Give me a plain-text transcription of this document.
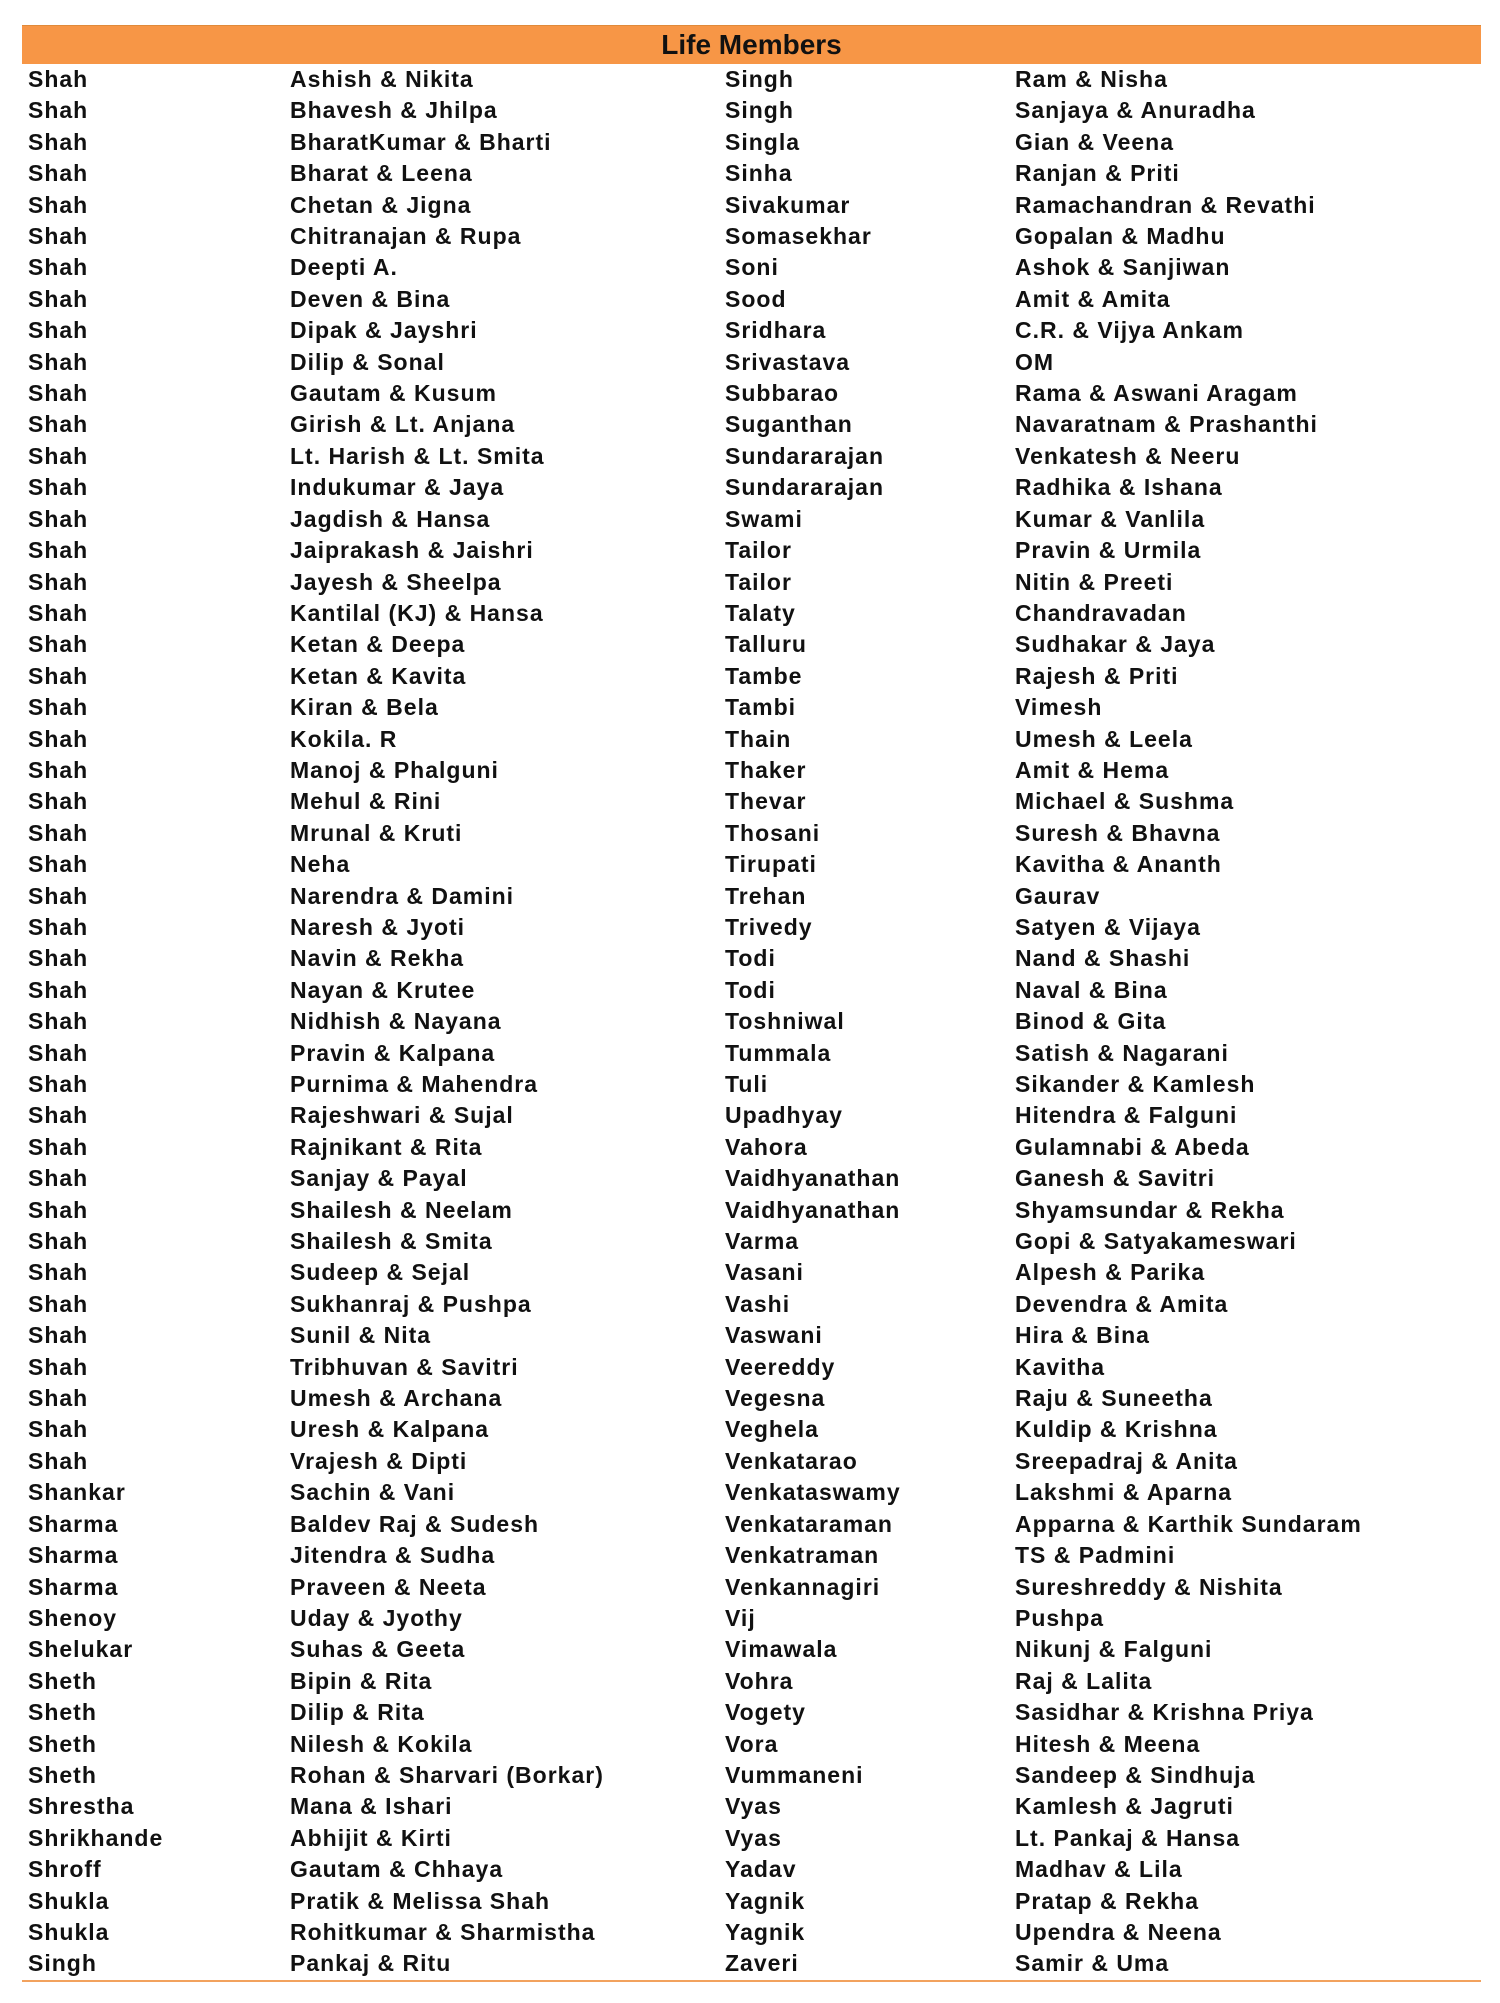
Life Members
Shah	Ashish & Nikita	Singh	Ram & Nisha
Shah	Bhavesh & Jhilpa	Singh	Sanjaya & Anuradha
Shah	BharatKumar & Bharti	Singla	Gian & Veena
Shah	Bharat & Leena	Sinha	Ranjan & Priti
Shah	Chetan & Jigna	Sivakumar	Ramachandran & Revathi
Shah	Chitranajan & Rupa	Somasekhar	Gopalan & Madhu
Shah	Deepti A.	Soni	Ashok & Sanjiwan
Shah	Deven & Bina	Sood	Amit & Amita
Shah	Dipak & Jayshri	Sridhara	C.R. & Vijya Ankam
Shah	Dilip & Sonal	Srivastava	OM
Shah	Gautam & Kusum	Subbarao	Rama & Aswani Aragam
Shah	Girish & Lt. Anjana	Suganthan	Navaratnam & Prashanthi
Shah	Lt. Harish & Lt. Smita	Sundararajan	Venkatesh & Neeru
Shah	Indukumar & Jaya	Sundararajan	Radhika & Ishana
Shah	Jagdish & Hansa	Swami	Kumar & Vanlila
Shah	Jaiprakash & Jaishri	Tailor	Pravin & Urmila
Shah	Jayesh & Sheelpa	Tailor	Nitin & Preeti
Shah	Kantilal (KJ) & Hansa	Talaty	Chandravadan
Shah	Ketan & Deepa	Talluru	Sudhakar & Jaya
Shah	Ketan & Kavita	Tambe	Rajesh & Priti
Shah	Kiran & Bela	Tambi	Vimesh
Shah	Kokila. R	Thain	Umesh & Leela
Shah	Manoj & Phalguni	Thaker	Amit & Hema
Shah	Mehul & Rini	Thevar	Michael & Sushma
Shah	Mrunal & Kruti	Thosani	Suresh & Bhavna
Shah	Neha	Tirupati	Kavitha & Ananth
Shah	Narendra & Damini	Trehan	Gaurav
Shah	Naresh & Jyoti	Trivedy	Satyen & Vijaya
Shah	Navin & Rekha	Todi	Nand & Shashi
Shah	Nayan & Krutee	Todi	Naval & Bina
Shah	Nidhish & Nayana	Toshniwal	Binod & Gita
Shah	Pravin & Kalpana	Tummala	Satish & Nagarani
Shah	Purnima & Mahendra	Tuli	Sikander & Kamlesh
Shah	Rajeshwari & Sujal	Upadhyay	Hitendra & Falguni
Shah	Rajnikant & Rita	Vahora	Gulamnabi & Abeda
Shah	Sanjay & Payal	Vaidhyanathan	Ganesh & Savitri
Shah	Shailesh & Neelam	Vaidhyanathan	Shyamsundar & Rekha
Shah	Shailesh & Smita	Varma	Gopi & Satyakameswari
Shah	Sudeep & Sejal	Vasani	Alpesh & Parika
Shah	Sukhanraj & Pushpa	Vashi	Devendra & Amita
Shah	Sunil & Nita	Vaswani	Hira & Bina
Shah	Tribhuvan & Savitri	Veereddy	Kavitha
Shah	Umesh & Archana	Vegesna	Raju & Suneetha
Shah	Uresh & Kalpana	Veghela	Kuldip & Krishna
Shah	Vrajesh & Dipti	Venkatarao	Sreepadraj & Anita
Shankar	Sachin & Vani	Venkataswamy	Lakshmi & Aparna
Sharma	Baldev Raj & Sudesh	Venkataraman	Apparna & Karthik Sundaram
Sharma	Jitendra & Sudha	Venkatraman	TS & Padmini
Sharma	Praveen & Neeta	Venkannagiri	Sureshreddy & Nishita
Shenoy	Uday & Jyothy	Vij	Pushpa
Shelukar	Suhas & Geeta	Vimawala	Nikunj & Falguni
Sheth	Bipin & Rita	Vohra	Raj & Lalita
Sheth	Dilip & Rita	Vogety	Sasidhar & Krishna Priya
Sheth	Nilesh & Kokila	Vora	Hitesh & Meena
Sheth	Rohan & Sharvari (Borkar)	Vummaneni	Sandeep & Sindhuja
Shrestha	Mana & Ishari	Vyas	Kamlesh & Jagruti
Shrikhande	Abhijit & Kirti	Vyas	Lt. Pankaj & Hansa
Shroff	Gautam & Chhaya	Yadav	Madhav & Lila
Shukla	Pratik & Melissa Shah	Yagnik	Pratap & Rekha
Shukla	Rohitkumar & Sharmistha	Yagnik	Upendra & Neena
Singh	Pankaj & Ritu	Zaveri	Samir & Uma
